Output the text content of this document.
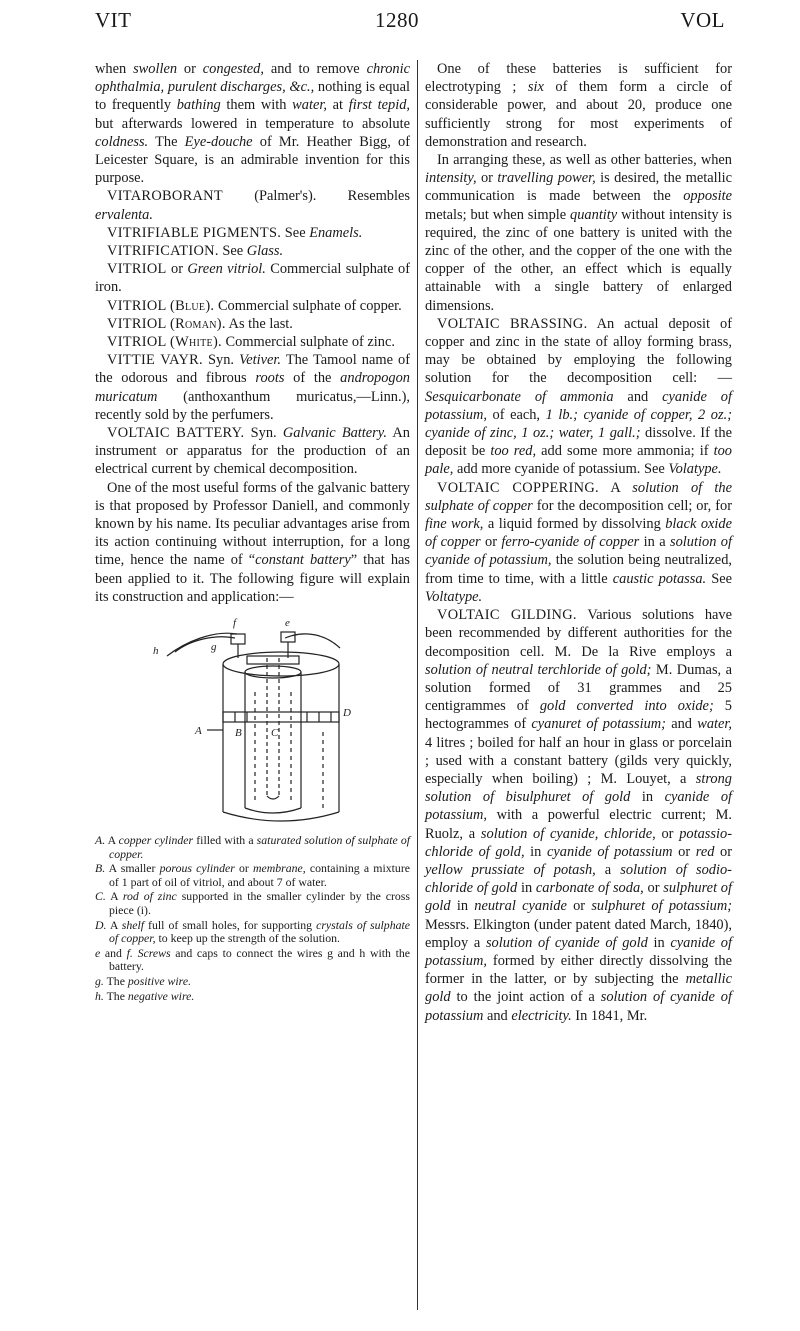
VIT	1280	VOL

when swollen or congested, and to remove chronic ophthalmia, purulent discharges, &c., nothing is equal to frequently bathing them with water, at first tepid, but afterwards lowered in temperature to absolute coldness. The Eye-douche of Mr. Heather Bigg, of Leicester Square, is an admirable invention for this purpose.

VITAROBORANT (Palmer's). Resembles ervalenta.

VITRIFIABLE PIGMENTS. See Enamels.

VITRIFICATION. See Glass.

VITRIOL or Green vitriol. Commercial sulphate of iron.

VITRIOL (Blue). Commercial sulphate of copper.

VITRIOL (Roman). As the last.

VITRIOL (White). Commercial sulphate of zinc.

VITTIE VAYR. Syn. Vetiver. The Tamool name of the odorous and fibrous roots of the andropogon muricatum (anthoxanthum muricatus,—Linn.), recently sold by the perfumers.

VOLTAIC BATTERY. Syn. Galvanic Battery. An instrument or apparatus for the production of an electrical current by chemical decomposition.

One of the most useful forms of the galvanic battery is that proposed by Professor Daniell, and commonly known by his name. Its peculiar advantages arise from its action continuing without interruption, for a long time, hence the name of “constant battery” that has been applied to it. The following figure will explain its construction and application:—

f
g
e
h
D
A	B	C
A. A copper cylinder filled with a saturated solution of sulphate of copper.
B. A smaller porous cylinder or membrane, containing a mixture of 1 part of oil of vitriol, and about 7 of water.
C. A rod of zinc supported in the smaller cylinder by the cross piece (i).
D. A shelf full of small holes, for supporting crystals of sulphate of copper, to keep up the strength of the solution.
e and f. Screws and caps to connect the wires g and h with the battery.
g. The positive wire.
h. The negative wire.

One of these batteries is sufficient for electrotyping ; six of them form a circle of considerable power, and about 20, produce one sufficiently strong for most experiments of demonstration and research.

In arranging these, as well as other batteries, when intensity, or travelling power, is desired, the metallic communication is made between the opposite metals; but when simple quantity without intensity is required, the zinc of one battery is united with the zinc of the other, and the copper of the one with the copper of the other, an effect which is equally attainable with a single battery of enlarged dimensions.

VOLTAIC BRASSING. An actual deposit of copper and zinc in the state of alloy forming brass, may be obtained by employing the following solution for the decomposition cell: — Sesquicarbonate of ammonia and cyanide of potassium, of each, 1 lb.; cyanide of copper, 2 oz.; cyanide of zinc, 1 oz.; water, 1 gall.; dissolve. If the deposit be too red, add some more ammonia; if too pale, add more cyanide of potassium. See Volatype.

VOLTAIC COPPERING. A solution of the sulphate of copper for the decomposition cell; or, for fine work, a liquid formed by dissolving black oxide of copper or ferro-cyanide of copper in a solution of cyanide of potassium, the solution being neutralized, from time to time, with a little caustic potassa. See Voltatype.

VOLTAIC GILDING. Various solutions have been recommended by different authorities for the decomposition cell. M. De la Rive employs a solution of neutral terchloride of gold; M. Dumas, a solution formed of 31 grammes and 25 centigrammes of gold converted into oxide; 5 hectogrammes of cyanuret of potassium; and water, 4 litres ; boiled for half an hour in glass or porcelain ; used with a constant battery (gilds very quickly, especially when boiling) ; M. Louyet, a strong solution of bisulphuret of gold in cyanide of potassium, with a powerful electric current; M. Ruolz, a solution of cyanide, chloride, or potassio-chloride of gold, in cyanide of potassium or red or yellow prussiate of potash, a solution of sodio-chloride of gold in carbonate of soda, or sulphuret of gold in neutral cyanide or sulphuret of potassium; Messrs. Elkington (under patent dated March, 1840), employ a solution of cyanide of gold in cyanide of potassium, formed by either directly dissolving the former in the latter, or by subjecting the metallic gold to the joint action of a solution of cyanide of potassium and electricity. In 1841, Mr.
